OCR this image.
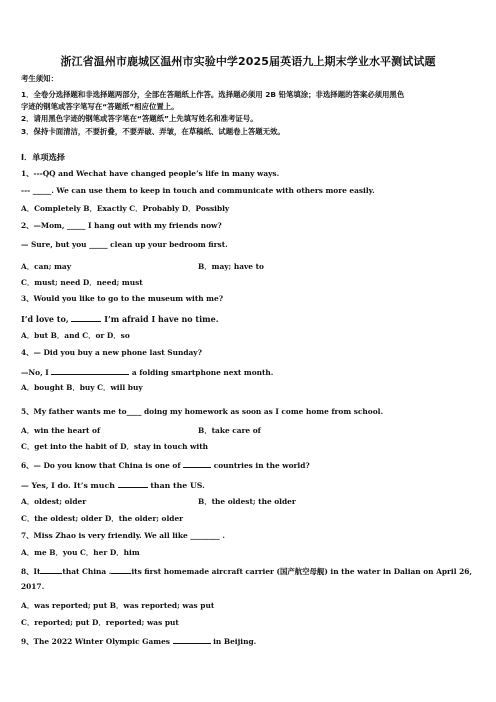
浙江省温州市鹿城区温州市实验中学2025届英语九上期末学业水平测试试题
考生须知：
1．全卷分选择题和非选择题两部分，全部在答题纸上作答。选择题必须用 2B 铅笔填涂；非选择题的答案必须用黑色
字迹的钢笔或答字笔写在“答题纸”相应位置上。
2．请用黑色字迹的钢笔或答字笔在“答题纸”上先填写姓名和准考证号。
3．保持卡面清洁，不要折叠，不要弄破、弄皱，在草稿纸、试题卷上答题无效。
Ⅰ．单项选择
1、---QQ and Wechat have changed people’s life in many ways.
--- _____. We can use them to keep in touch and communicate with others more easily.
A．Completely B．Exactly C．Probably D．Possibly
2、—Mom, _____ I hang out with my friends now?
— Sure, but you _____ clean up your bedroom first.
A．can; may	B．may; have to
C．must; need D．need; must
3、Would you like to go to the museum with me?
I’d love to,	I’m afraid I have no time.
A．but B．and C．or D．so
4、— Did you buy a new phone last Sunday?
—No, I	a folding smartphone next month.
A．bought B．buy C．will buy
5、My father wants me to____ doing my homework as soon as I come home from school.
A．win the heart of	B．take care of
C．get into the habit of D．stay in touch with
6、— Do you know that China is one of	countries in the world?
— Yes, I do. It’s much	than the US.
A．oldest; older	B．the oldest; the older
C．the oldest; older D．the older; older
7、Miss Zhao is very friendly. We all like ________ .
A．me B．you C．her D．him
8、It	that China .	its first homemade aircraft carrier (国产航空母舰) in the water in Dalian on April 26,
2017.
A．was reported; put B．was reported; was put
C．reported; put D．reported; was put
9、The 2022 Winter Olympic Games	in Beijing.
